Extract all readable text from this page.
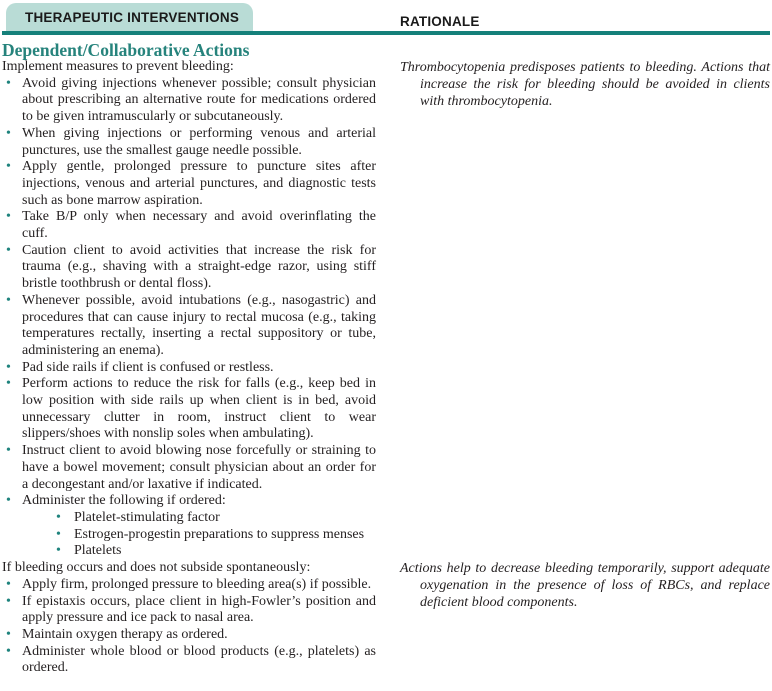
THERAPEUTIC INTERVENTIONS	RATIONALE
Dependent/Collaborative Actions

Implement measures to prevent bleeding:

• Avoid giving injections whenever possible; consult physician about prescribing an alternative route for medications ordered to be given intramuscularly or subcutaneously.
• When giving injections or performing venous and arterial punctures, use the smallest gauge needle possible.
• Apply gentle, prolonged pressure to puncture sites after injections, venous and arterial punctures, and diagnostic tests such as bone marrow aspiration.
• Take B/P only when necessary and avoid overinflating the cuff.
• Caution client to avoid activities that increase the risk for trauma (e.g., shaving with a straight-edge razor, using stiff bristle toothbrush or dental floss).
• Whenever possible, avoid intubations (e.g., nasogastric) and procedures that can cause injury to rectal mucosa (e.g., taking temperatures rectally, inserting a rectal suppository or tube, administering an enema).
• Pad side rails if client is confused or restless.
• Perform actions to reduce the risk for falls (e.g., keep bed in low position with side rails up when client is in bed, avoid unnecessary clutter in room, instruct client to wear slippers/shoes with nonslip soles when ambulating).
• Instruct client to avoid blowing nose forcefully or straining to have a bowel movement; consult physician about an order for a decongestant and/or laxative if indicated.
• Administer the following if ordered:
• Platelet-stimulating factor
• Estrogen-progestin preparations to suppress menses
• Platelets

Thrombocytopenia predisposes patients to bleeding. Actions that increase the risk for bleeding should be avoided in clients with thrombocytopenia.

If bleeding occurs and does not subside spontaneously:

• Apply firm, prolonged pressure to bleeding area(s) if possible.
• If epistaxis occurs, place client in high-Fowler’s position and apply pressure and ice pack to nasal area.
• Maintain oxygen therapy as ordered.
• Administer whole blood or blood products (e.g., platelets) as ordered.

Actions help to decrease bleeding temporarily, support adequate oxygenation in the presence of loss of RBCs, and replace deficient blood components.
